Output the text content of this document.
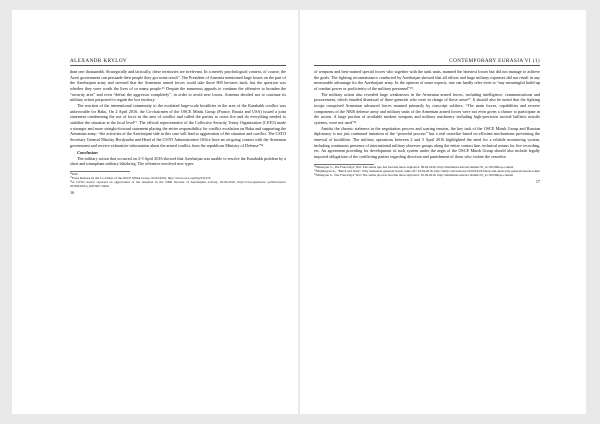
ALEXANDR KRYLOV

than one thousandth. Strategically and tactically, these territories are irrelevant. In a merely psychological context, of course, the Azeri government can persuade their people they got some result”. The President of Armenia mentioned huge losses on the part of the Azerbaijani army and stressed that the Armenian armed forces could take those 800 hectares back, but the question was whether they were worth the lives of so many people.¹⁶ Despite the numerous appeals to continue the offensive to broaden the “security area” and even “defeat the aggressor completely”, in order to avoid new losses, Armenia decided not to continue its military action purported to regain the lost territory.

The reaction of the international community to the escalated large-scale hostilities in the area of the Karabakh conflict was unfavorable for Baku. On 2 April 2016, the Co-chairmen of the OSCE Minsk Group (France, Russia and USA) issued a joint statement condemning the use of force in the area of conflict and called the parties to cease fire and do everything needed to stabilize the situation at the local level¹⁷. The official representative of the Collective Security Treaty Organization (CSTO) made a stronger and more straight-forward statement placing the entire responsibility for conflict escalation on Baku and supporting the Armenian army: “the activities of the Azerbaijani side in this case will lead to aggravation of the situation and conflict. The CSTO Secretary General Nikolay Bordyuzha and Head of the CSTO Administrative Office have an on-going contact with the Armenian government and receive exhaustive information about the armed conflict from the republican Ministry of Defense”¹⁸.

Conclusion

The military action that occurred on 2-5 April 2016 showed that Azerbaijan was unable to resolve the Karabakh problem by a short and triumphant military blitzkrieg. The offensive involved new types

¹⁶Ibid.

¹⁷Press Release by the Co-Chairs of the OSCE Minsk Group. 02.04.2016, http://www.osce.org/mg/231216

¹⁸A CSTO source reported an aggravation of the situation in the NKR because of Azerbaijani activity. 02.04.2016, http://www.gazeta.ru/ politics/news/ 2016/04/02/n_8453627.shtml

16
CONTEMPORARY EURASIA VI (1)

of weapons and best-trained special forces who together with the tank units, manned the heaviest losses but did not manage to achieve the goals. The fighting reconnaissance conducted by Azerbaijan showed that all efforts and huge military expenses did not result in any measurable advantage for the Azerbaijani army. In the opinion of some experts, one can hardly refer even to “any meaningful build-up of combat power or proficiency of the military personnel”¹⁹.

The military action also revealed huge weaknesses in the Armenian armed forces, including intelligence, communications and procurement, which entailed dismissal of three generals who were in charge of these areas²⁰. It should also be noted that the fighting troops comprised Armenian advanced forces manned primarily by conscript soldiers: “The main forces, capabilities and reserve components of the NKR defense army and military units of the Armenian armed forces were not even given a chance to participate in the action. A large portion of available modern weapons and military machinery including high-precision tactical ballistic missile systems, were not used”²¹.

Amidst the chronic staleness in the negotiation process and soaring tension, the key task of the OSCE Minsk Group and Russian diplomacy is not just continued imitation of the “peaceful process” but a real ceasefire based on efficient mechanisms preventing the renewal of hostilities. The military operations between 2 and 5 April 2016 highlighted the need for a reliable monitoring system, including continuous presence of international military observer groups along the entire contact line, technical means for live recording, etc. An agreement providing for development of such system under the aegis of the OSCE Minsk Group should also include legally imposed obligations of the conflicting parties regarding direction and punishment of those who violate the ceasefire.

¹⁹Minasyan S., The Four-Days' War: The status quo has become more explosive. 06.04.2016, http://mediamax.am/ru/column/?id_4=18129#top-content

²⁰Mghdesyan A., “Black and dead”. Why Armenian generals' heads came off? 16.04.2016, http://daily.com/ru/news/2016/04/18/black-and-dead-why-generals-heads-rolled

²¹Minasyan S., The Four-Days' War: The status quo has become more explosive. 05.04.2016, http://mediamax.am/ru/column/?id_4=18129#top-content

17
